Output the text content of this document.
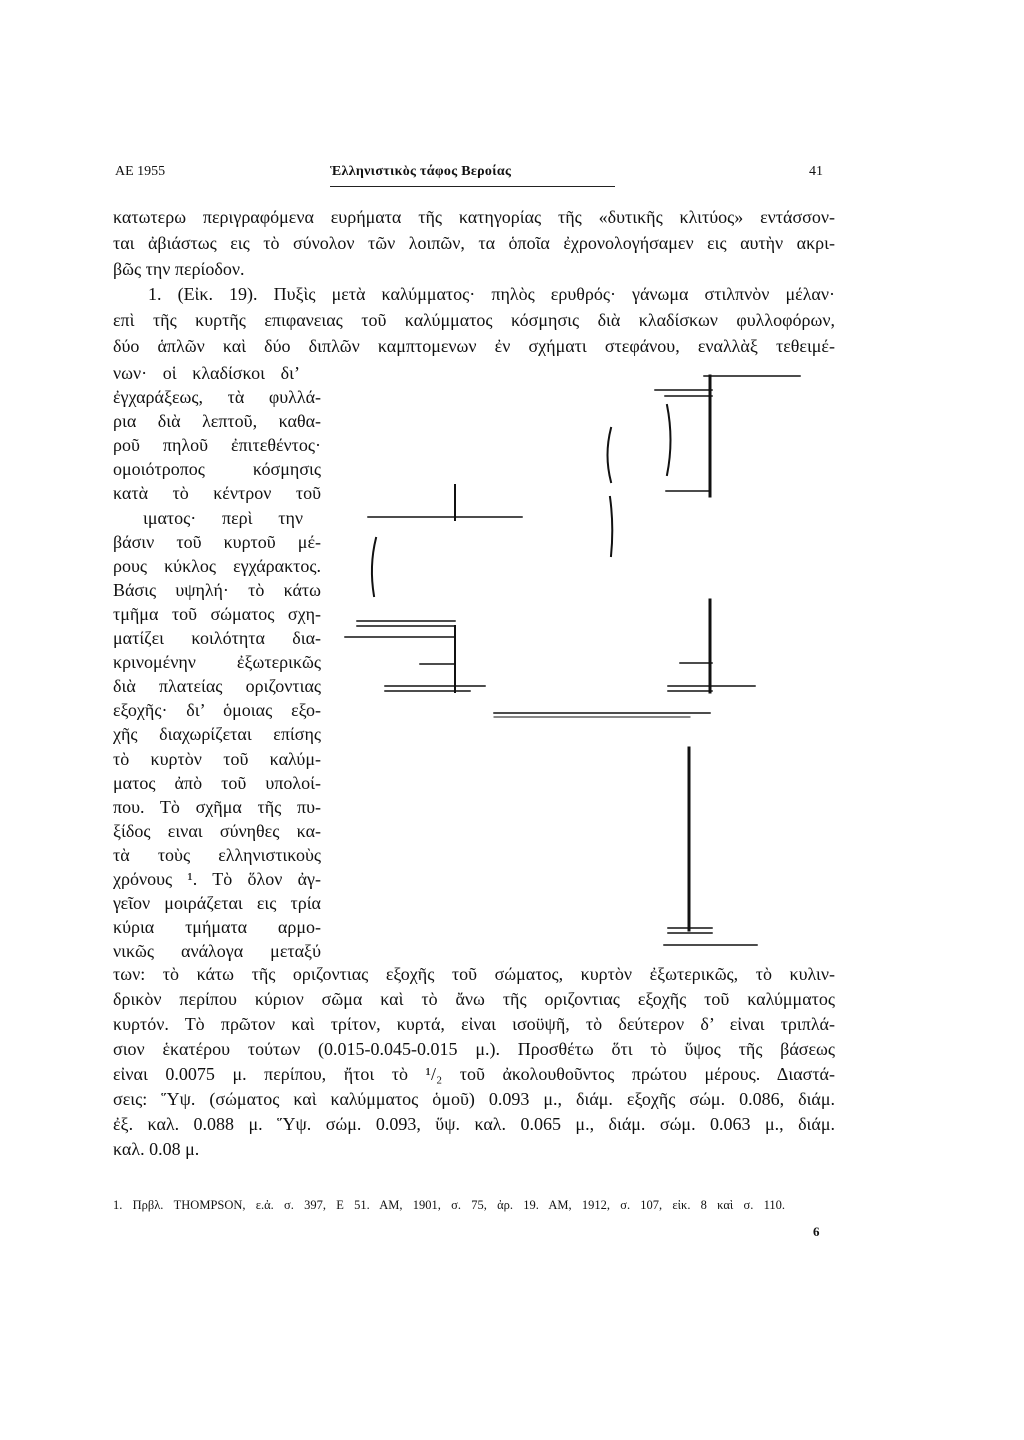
ΑΕ 1955	Ἑλληνιστικὸς τάφος Βεροίας	41
κατωτερω περιγραφόμενα ευρήματα τῆς κατηγορίας τῆς «δυτικῆς κλιτύος» εντάσσον-
ται ἀβιάστως εις τὸ σύνολον τῶν λοιπῶν, τα ὁποῖα ἐχρονολογήσαμεν εις αυτὴν ακρι-
βῶς την περίοδον.
1. (Εἰκ. 19). Πυξὶς μετὰ καλύμματος· πηλὸς ερυθρός· γάνωμα στιλπνὸν μέλαν·
επὶ τῆς κυρτῆς επιφανειας τοῦ καλύμματος κόσμησις διὰ κλαδίσκων φυλλοφόρων,
δύο ἁπλῶν καὶ δύο διπλῶν καμπτομενων ἐν σχήματι στεφάνου, εναλλὰξ τεθειμέ-
νων· οἱ κλαδίσκοι δι’
ἐγχαράξεως, τὰ φυλλά-
ρια διὰ λεπτοῦ, καθα-
ροῦ πηλοῦ ἐπιτεθέντος·
ομοιότροπος κόσμησις
κατὰ τὸ κέντρον τοῦ
ιματος· περὶ την
βάσιν τοῦ κυρτοῦ μέ-
ρους κύκλος εγχάρακτος.
Βάσις υψηλή· τὸ κάτω
τμῆμα τοῦ σώματος σχη-
ματίζει κοιλότητα δια-
κρινομένην ἐξωτερικῶς
διὰ πλατείας οριζοντιας
εξοχῆς· δι’ ὁμοιας εξο-
χῆς διαχωρίζεται επίσης
τὸ κυρτὸν τοῦ καλύμ-
ματος ἀπὸ τοῦ υπολοί-
που. Τὸ σχῆμα τῆς πυ-
ξίδος ειναι σύνηθες κα-
τὰ τοὺς ελληνιστικοὺς
χρόνους ¹. Τὸ ὅλον ἀγ-
γεῖον μοιράζεται εις τρία
κύρια τμήματα αρμο-
νικῶς ανάλογα μεταξύ
των: τὸ κάτω τῆς οριζοντιας εξοχῆς τοῦ σώματος, κυρτὸν ἐξωτερικῶς, τὸ κυλιν-
δρικὸν περίπου κύριον σῶμα καὶ τὸ ἄνω τῆς οριζοντιας εξοχῆς τοῦ καλύμματος
κυρτόν. Τὸ πρῶτον καὶ τρίτον, κυρτά, εἰναι ισοϋψῆ, τὸ δεύτερον δ’ εἰναι τριπλά-
σιον ἑκατέρου τούτων (0.015-0.045-0.015 μ.). Προσθέτω ὅτι τὸ ὕψος τῆς βάσεως
εἰναι 0.0075 μ. περίπου, ἤτοι τὸ ¹/₂ τοῦ ἀκολουθοῦντος πρώτου μέρους. Διαστά-
σεις: Ὕψ. (σώματος καὶ καλύμματος ὁμοῦ) 0.093 μ., διάμ. εξοχῆς σώμ. 0.086, διάμ.
ἐξ. καλ. 0.088 μ. Ὕψ. σώμ. 0.093, ὕψ. καλ. 0.065 μ., διάμ. σώμ. 0.063 μ., διάμ.
καλ. 0.08 μ.
1. Πρβλ. THOMPSON, ε.ἀ. σ. 397, Ε 51. ΑΜ, 1901, σ. 75, ἀρ. 19. ΑΜ, 1912, σ. 107, εἰκ. 8 καὶ σ. 110.
6
